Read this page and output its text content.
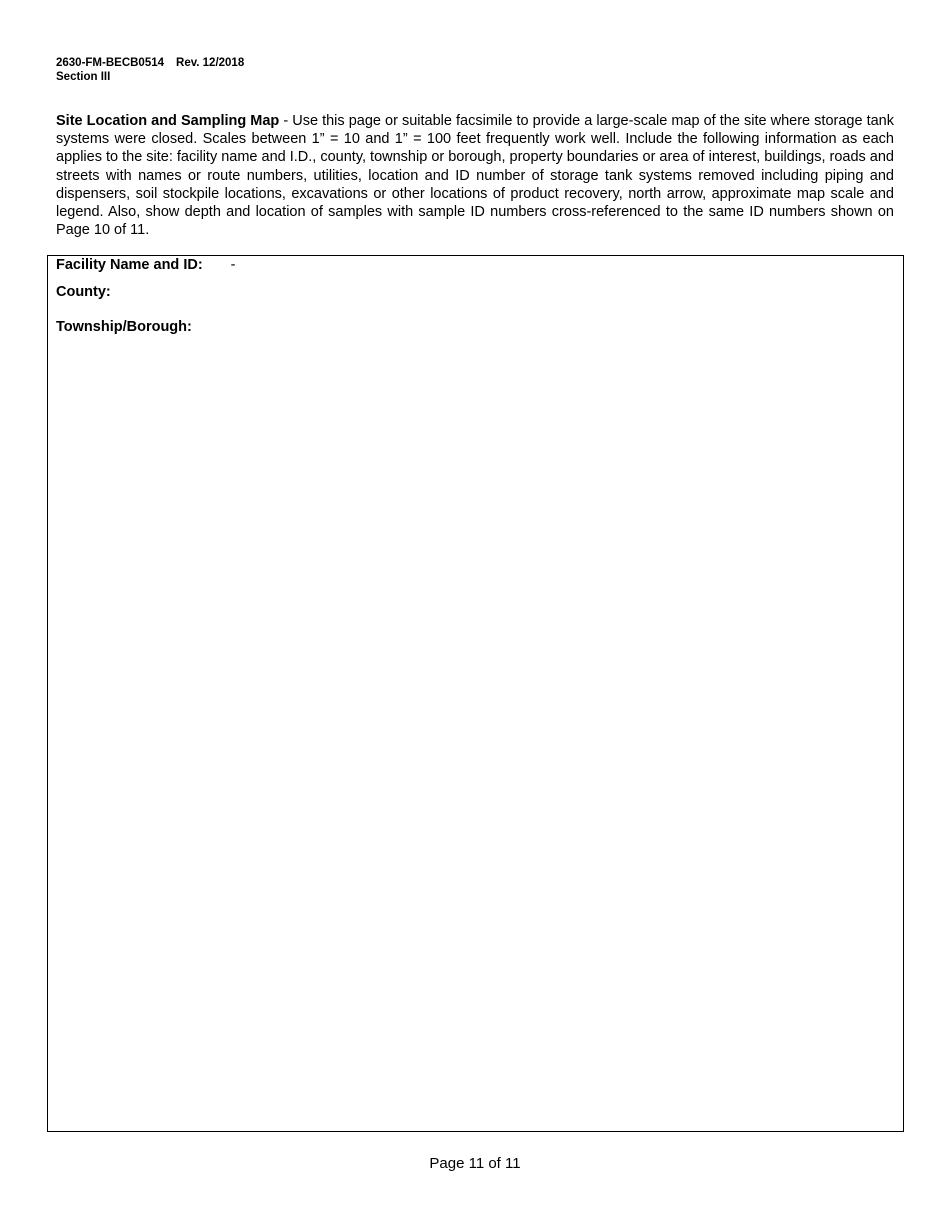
2630-FM-BECB0514 Rev. 12/2018
Section III
Site Location and Sampling Map - Use this page or suitable facsimile to provide a large-scale map of the site where storage tank systems were closed. Scales between 1” = 10 and 1” = 100 feet frequently work well. Include the following information as each applies to the site: facility name and I.D., county, township or borough, property boundaries or area of interest, buildings, roads and streets with names or route numbers, utilities, location and ID number of storage tank systems removed including piping and dispensers, soil stockpile locations, excavations or other locations of product recovery, north arrow, approximate map scale and legend. Also, show depth and location of samples with sample ID numbers cross-referenced to the same ID numbers shown on Page 10 of 11.
Facility Name and ID: -
County:
Township/Borough:
Page 11 of 11
